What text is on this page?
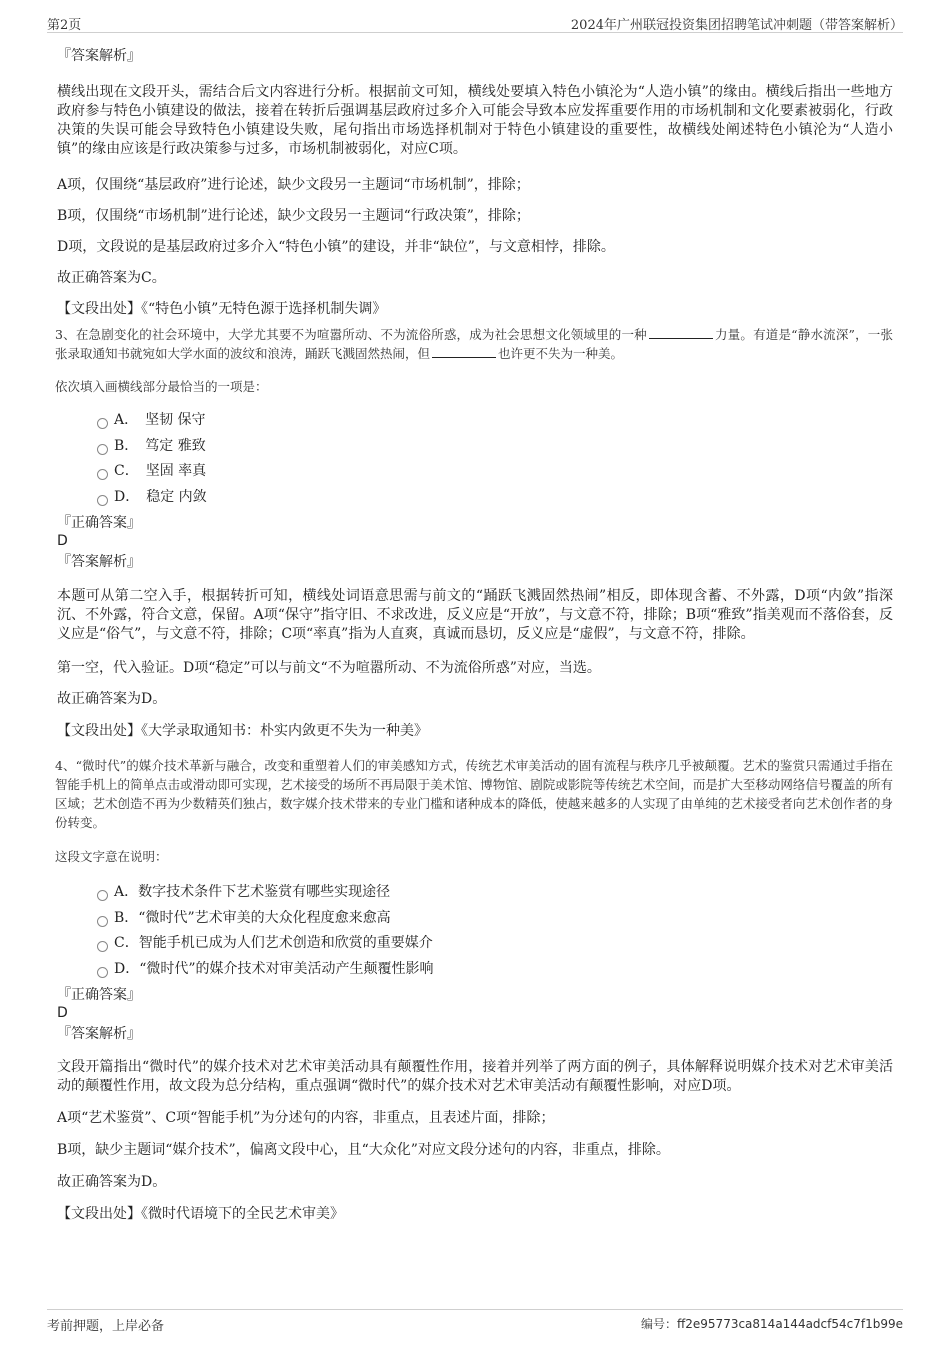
第2页	2024年广州联冠投资集团招聘笔试冲刺题（带答案解析）
『答案解析』

横线出现在文段开头，需结合后文内容进行分析。根据前文可知，横线处要填入特色小镇沦为“人造小镇”的缘由。横线后指出一些地方政府参与特色小镇建设的做法，接着在转折后强调基层政府过多介入可能会导致本应发挥重要作用的市场机制和文化要素被弱化，行政决策的失误可能会导致特色小镇建设失败，尾句指出市场选择机制对于特色小镇建设的重要性，故横线处阐述特色小镇沦为“人造小镇”的缘由应该是行政决策参与过多，市场机制被弱化，对应C项。

A项，仅围绕“基层政府”进行论述，缺少文段另一主题词“市场机制”，排除；

B项，仅围绕“市场机制”进行论述，缺少文段另一主题词“行政决策”，排除；

D项，文段说的是基层政府过多介入“特色小镇”的建设，并非“缺位”，与文意相悖，排除。

故正确答案为C。

【文段出处】《“特色小镇”无特色源于选择机制失调》

3、在急剧变化的社会环境中，大学尤其要不为喧嚣所动、不为流俗所惑，成为社会思想文化领域里的一种	力量。有道是“静水流深”，一张张录取通知书就宛如大学水面的波纹和浪涛，踊跃飞溅固然热闹，但	也许更不失为一种美。

依次填入画横线部分最恰当的一项是：

A．　坚韧 保守
B．　笃定 雅致
C．　坚固 率真
D．　稳定 内敛
『正确答案』
D
『答案解析』

本题可从第二空入手，根据转折可知，横线处词语意思需与前文的“踊跃飞溅固然热闹”相反，即体现含蓄、不外露，D项“内敛”指深沉、不外露，符合文意，保留。A项“保守”指守旧、不求改进，反义应是“开放”，与文意不符，排除；B项“雅致”指美观而不落俗套，反义应是“俗气”，与文意不符，排除；C项“率真”指为人直爽，真诚而恳切，反义应是“虚假”，与文意不符，排除。

第一空，代入验证。D项“稳定”可以与前文“不为喧嚣所动、不为流俗所惑”对应，当选。

故正确答案为D。

【文段出处】《大学录取通知书：朴实内敛更不失为一种美》

4、“微时代”的媒介技术革新与融合，改变和重塑着人们的审美感知方式，传统艺术审美活动的固有流程与秩序几乎被颠覆。艺术的鉴赏只需通过手指在智能手机上的简单点击或滑动即可实现，艺术接受的场所不再局限于美术馆、博物馆、剧院或影院等传统艺术空间，而是扩大至移动网络信号覆盖的所有区域；艺术创造不再为少数精英们独占，数字媒介技术带来的专业门槛和诸种成本的降低，使越来越多的人实现了由单纯的艺术接受者向艺术创作者的身份转变。

这段文字意在说明：

A．数字技术条件下艺术鉴赏有哪些实现途径
B．“微时代”艺术审美的大众化程度愈来愈高
C．智能手机已成为人们艺术创造和欣赏的重要媒介
D．“微时代”的媒介技术对审美活动产生颠覆性影响
『正确答案』
D
『答案解析』

文段开篇指出“微时代”的媒介技术对艺术审美活动具有颠覆性作用，接着并列举了两方面的例子，具体解释说明媒介技术对艺术审美活动的颠覆性作用，故文段为总分结构，重点强调“微时代”的媒介技术对艺术审美活动有颠覆性影响，对应D项。

A项“艺术鉴赏”、C项“智能手机”为分述句的内容，非重点，且表述片面，排除；

B项，缺少主题词“媒介技术”，偏离文段中心，且“大众化”对应文段分述句的内容，非重点，排除。

故正确答案为D。

【文段出处】《微时代语境下的全民艺术审美》

考前押题，上岸必备	编号：ff2e95773ca814a144adcf54c7f1b99e
